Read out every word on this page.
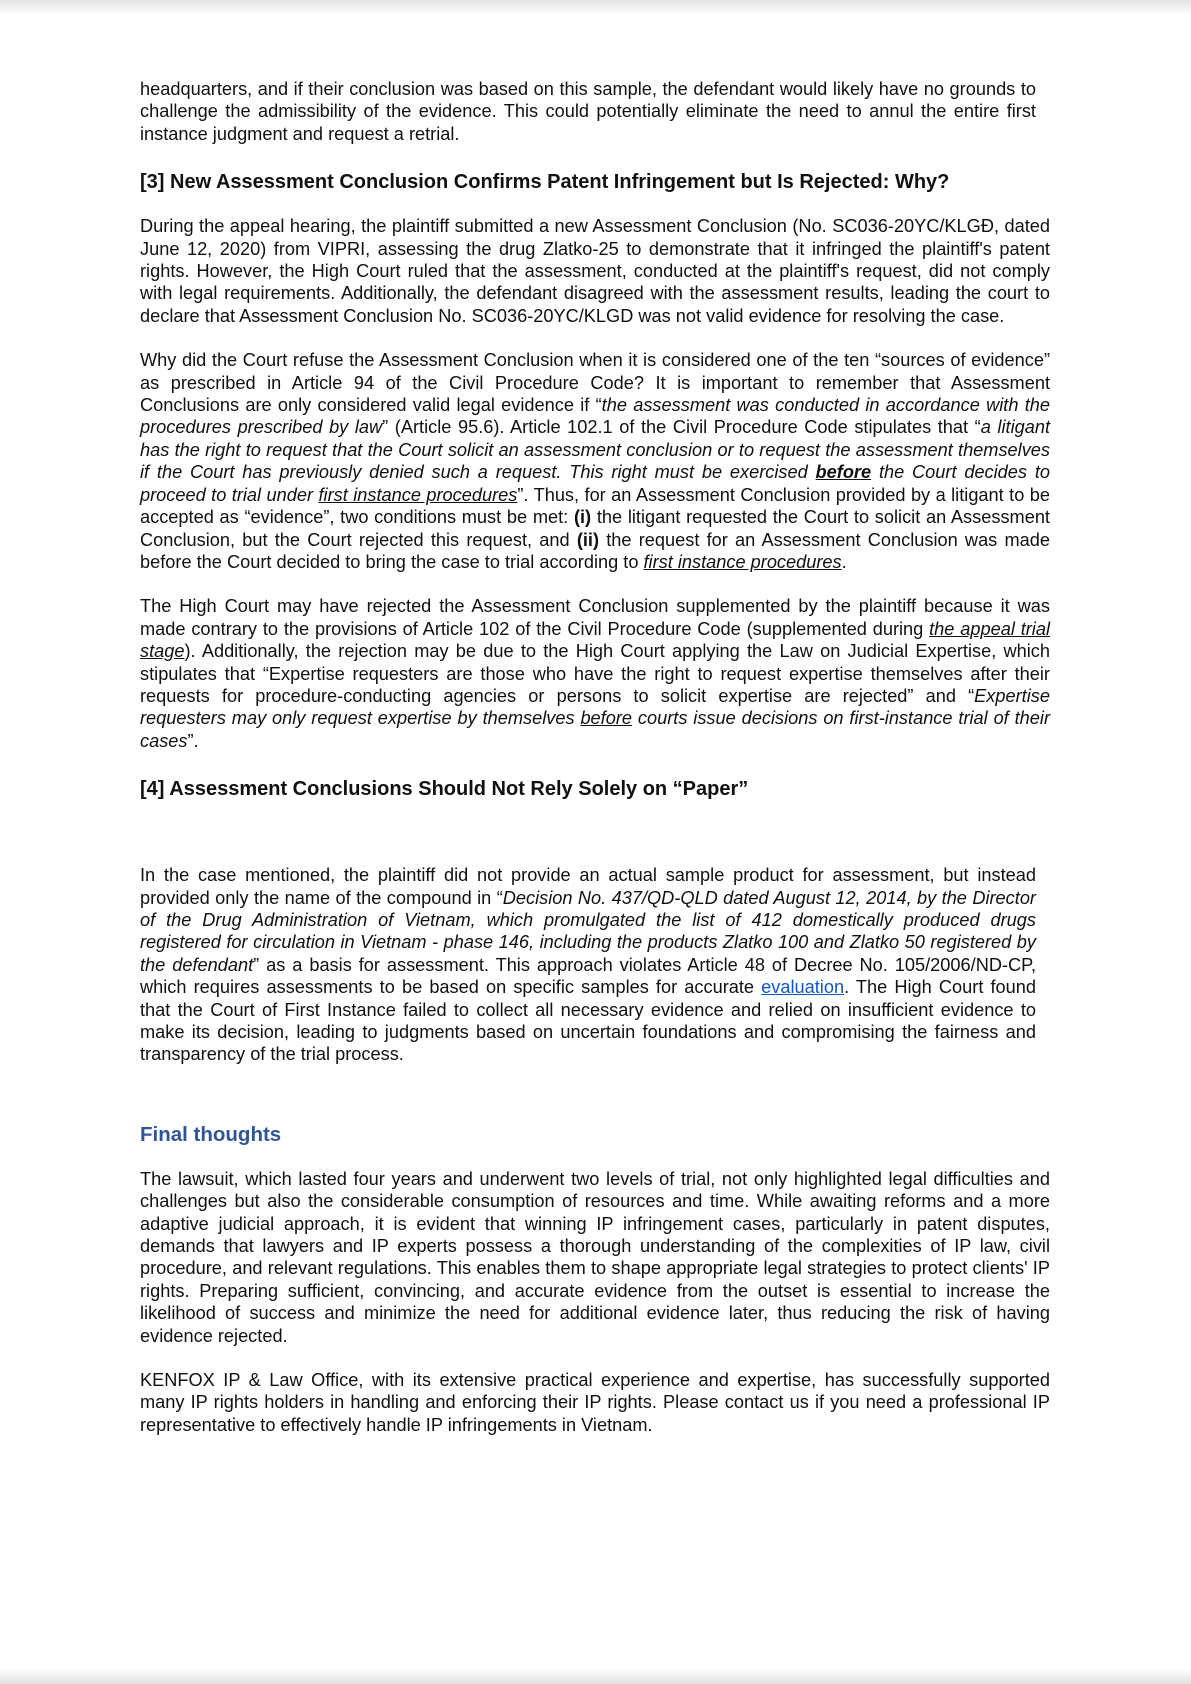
headquarters, and if their conclusion was based on this sample, the defendant would likely have no grounds to challenge the admissibility of the evidence. This could potentially eliminate the need to annul the entire first instance judgment and request a retrial.

[3] New Assessment Conclusion Confirms Patent Infringement but Is Rejected: Why?

During the appeal hearing, the plaintiff submitted a new Assessment Conclusion (No. SC036-20YC/KLGĐ, dated June 12, 2020) from VIPRI, assessing the drug Zlatko-25 to demonstrate that it infringed the plaintiff's patent rights. However, the High Court ruled that the assessment, conducted at the plaintiff's request, did not comply with legal requirements. Additionally, the defendant disagreed with the assessment results, leading the court to declare that Assessment Conclusion No. SC036-20YC/KLGD was not valid evidence for resolving the case.

Why did the Court refuse the Assessment Conclusion when it is considered one of the ten “sources of evidence” as prescribed in Article 94 of the Civil Procedure Code? It is important to remember that Assessment Conclusions are only considered valid legal evidence if “the assessment was conducted in accordance with the procedures prescribed by law” (Article 95.6). Article 102.1 of the Civil Procedure Code stipulates that “a litigant has the right to request that the Court solicit an assessment conclusion or to request the assessment themselves if the Court has previously denied such a request. This right must be exercised before the Court decides to proceed to trial under first instance procedures”. Thus, for an Assessment Conclusion provided by a litigant to be accepted as “evidence”, two conditions must be met: (i) the litigant requested the Court to solicit an Assessment Conclusion, but the Court rejected this request, and (ii) the request for an Assessment Conclusion was made before the Court decided to bring the case to trial according to first instance procedures.

The High Court may have rejected the Assessment Conclusion supplemented by the plaintiff because it was made contrary to the provisions of Article 102 of the Civil Procedure Code (supplemented during the appeal trial stage). Additionally, the rejection may be due to the High Court applying the Law on Judicial Expertise, which stipulates that “Expertise requesters are those who have the right to request expertise themselves after their requests for procedure-conducting agencies or persons to solicit expertise are rejected” and “Expertise requesters may only request expertise by themselves before courts issue decisions on first-instance trial of their cases”.

[4] Assessment Conclusions Should Not Rely Solely on “Paper”

In the case mentioned, the plaintiff did not provide an actual sample product for assessment, but instead provided only the name of the compound in “Decision No. 437/QD-QLD dated August 12, 2014, by the Director of the Drug Administration of Vietnam, which promulgated the list of 412 domestically produced drugs registered for circulation in Vietnam - phase 146, including the products Zlatko 100 and Zlatko 50 registered by the defendant” as a basis for assessment. This approach violates Article 48 of Decree No. 105/2006/ND-CP, which requires assessments to be based on specific samples for accurate evaluation. The High Court found that the Court of First Instance failed to collect all necessary evidence and relied on insufficient evidence to make its decision, leading to judgments based on uncertain foundations and compromising the fairness and transparency of the trial process.

Final thoughts

The lawsuit, which lasted four years and underwent two levels of trial, not only highlighted legal difficulties and challenges but also the considerable consumption of resources and time. While awaiting reforms and a more adaptive judicial approach, it is evident that winning IP infringement cases, particularly in patent disputes, demands that lawyers and IP experts possess a thorough understanding of the complexities of IP law, civil procedure, and relevant regulations. This enables them to shape appropriate legal strategies to protect clients' IP rights. Preparing sufficient, convincing, and accurate evidence from the outset is essential to increase the likelihood of success and minimize the need for additional evidence later, thus reducing the risk of having evidence rejected.

KENFOX IP & Law Office, with its extensive practical experience and expertise, has successfully supported many IP rights holders in handling and enforcing their IP rights. Please contact us if you need a professional IP representative to effectively handle IP infringements in Vietnam.
